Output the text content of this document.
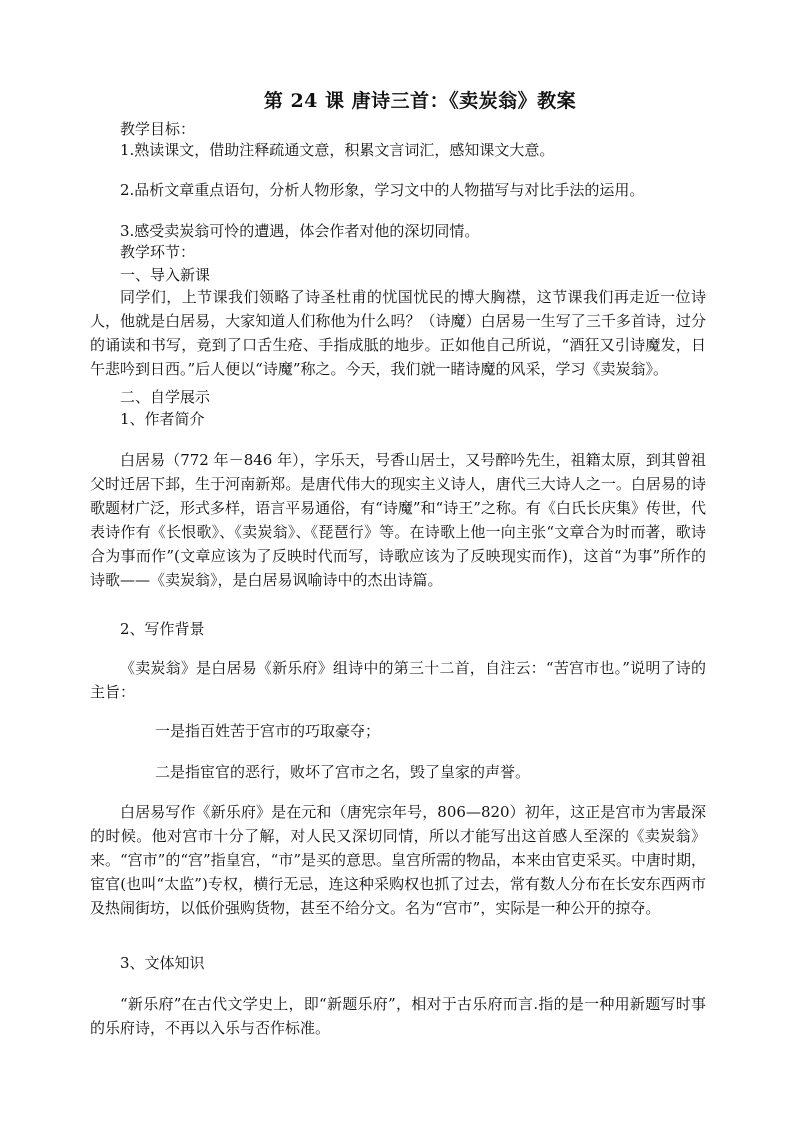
第 24 课 唐诗三首：《卖炭翁》教案
教学目标：
1.熟读课文，借助注释疏通文意，积累文言词汇，感知课文大意。
2.品析文章重点语句，分析人物形象，学习文中的人物描写与对比手法的运用。
3.感受卖炭翁可怜的遭遇，体会作者对他的深切同情。
教学环节：
一、导入新课
同学们，上节课我们领略了诗圣杜甫的忧国忧民的博大胸襟，这节课我们再走近一位诗人，他就是白居易，大家知道人们称他为什么吗？（诗魔）白居易一生写了三千多首诗，过分的诵读和书写，竟到了口舌生疮、手指成胝的地步。正如他自己所说，“酒狂又引诗魔发，日午悲吟到日西。”后人便以“诗魔”称之。今天，我们就一睹诗魔的风采，学习《卖炭翁》。
二、自学展示
1、作者简介
白居易（772 年－846 年），字乐天，号香山居士，又号醉吟先生，祖籍太原，到其曾祖父时迁居下邽，生于河南新郑。是唐代伟大的现实主义诗人，唐代三大诗人之一。白居易的诗歌题材广泛，形式多样，语言平易通俗，有“诗魔”和“诗王”之称。有《白氏长庆集》传世，代表诗作有《长恨歌》、《卖炭翁》、《琵琶行》等。在诗歌上他一向主张“文章合为时而著，歌诗合为事而作”(文章应该为了反映时代而写，诗歌应该为了反映现实而作)，这首“为事”所作的诗歌——《卖炭翁》，是白居易讽喻诗中的杰出诗篇。
2、写作背景
《卖炭翁》是白居易《新乐府》组诗中的第三十二首，自注云：“苦宫市也。”说明了诗的主旨：
一是指百姓苦于宫市的巧取豪夺；
二是指宦官的恶行，败坏了宫市之名，毁了皇家的声誉。
白居易写作《新乐府》是在元和（唐宪宗年号，806—820）初年，这正是宫市为害最深的时候。他对宫市十分了解，对人民又深切同情，所以才能写出这首感人至深的《卖炭翁》来。“宫市”的“宫”指皇宫，“市”是买的意思。皇宫所需的物品，本来由官吏采买。中唐时期，宦官(也叫“太监”)专权，横行无忌，连这种采购权也抓了过去，常有数人分布在长安东西两市及热闹街坊，以低价强购货物，甚至不给分文。名为“宫市”，实际是一种公开的掠夺。
3、文体知识
“新乐府”在古代文学史上，即“新题乐府”，相对于古乐府而言.指的是一种用新题写时事的乐府诗，不再以入乐与否作标准。
